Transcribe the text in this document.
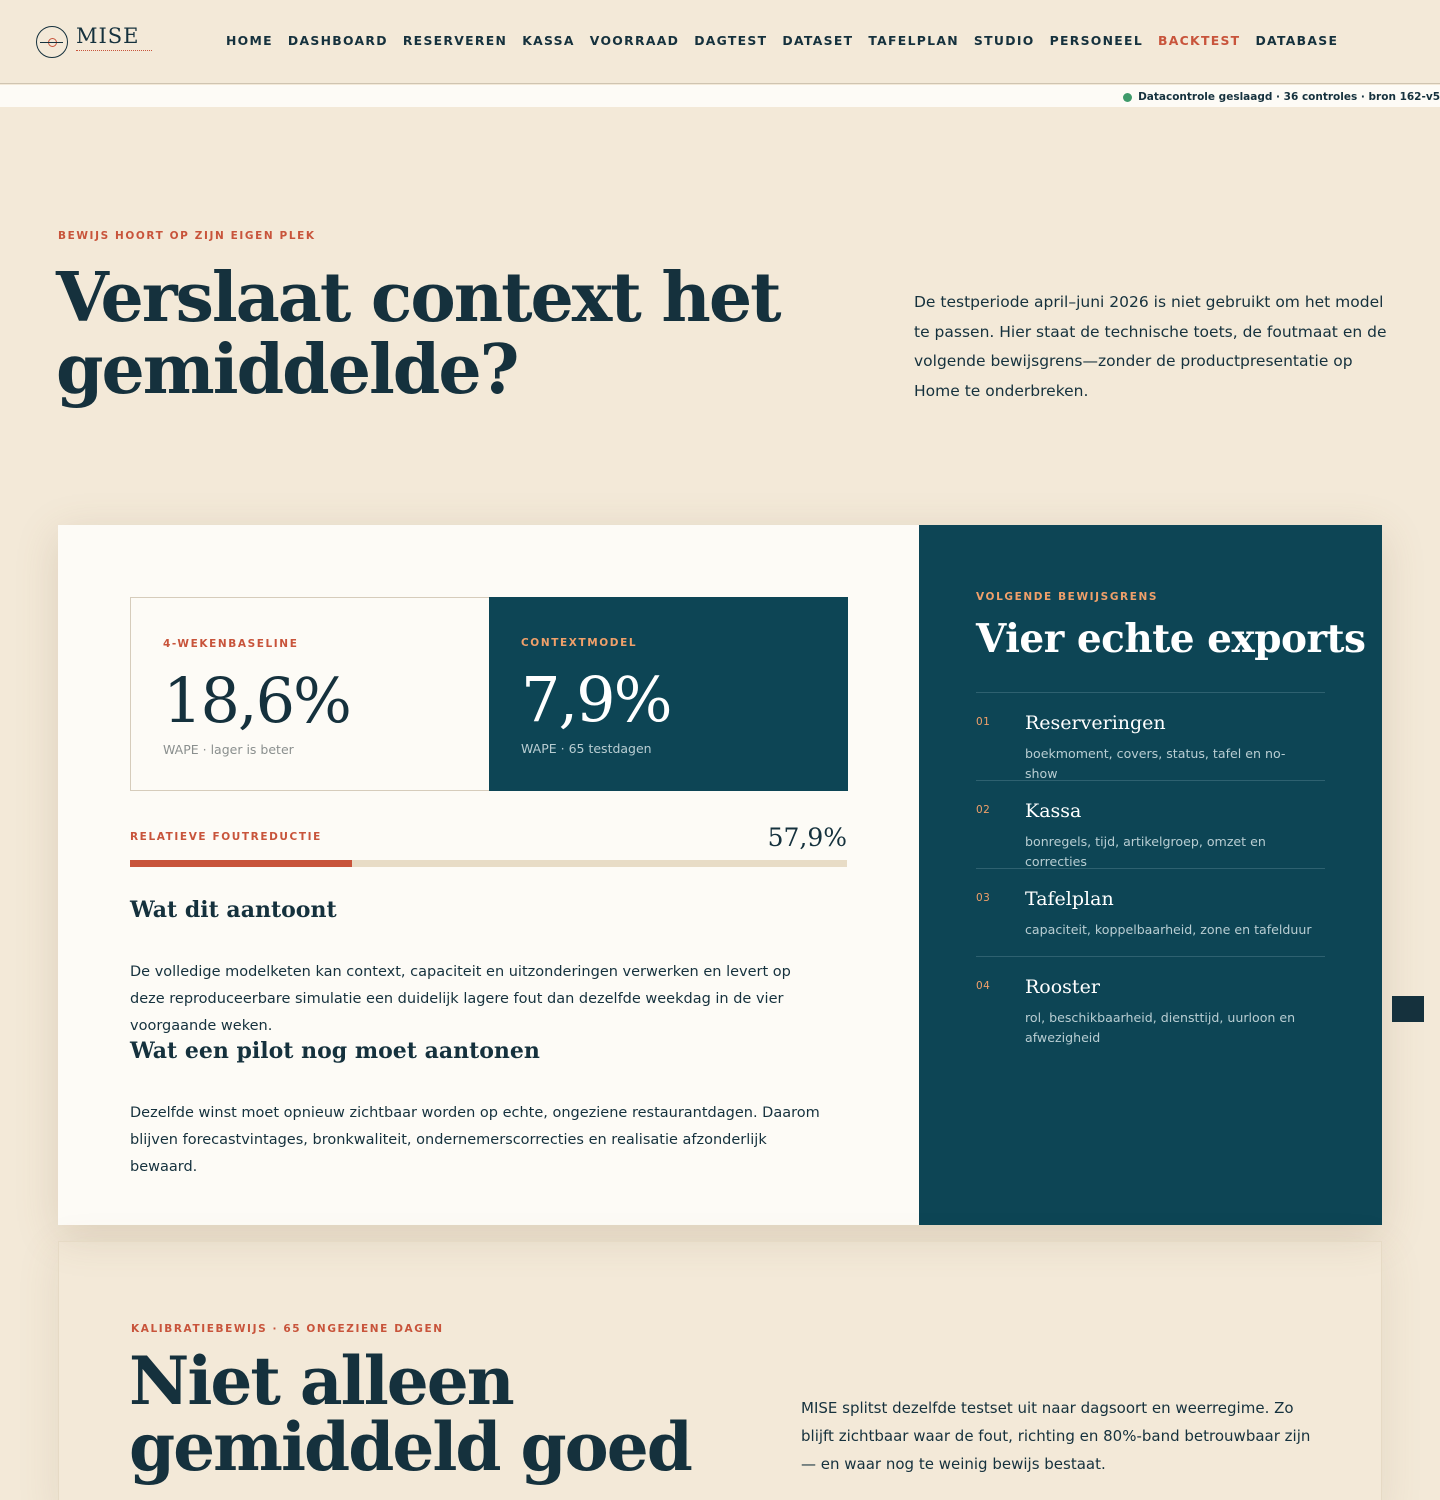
MISE	HOME DASHBOARD RESERVEREN KASSA VOORRAAD DAGTEST DATASET TAFELPLAN STUDIO PERSONEEL BACKTEST DATABASE
Datacontrole geslaagd · 36 controles · bron 162-v5
BEWIJS HOORT OP ZIJN EIGEN PLEK
Verslaat context het
gemiddelde?

De testperiode april–juni 2026 is niet gebruikt om het model te passen. Hier staat de technische toets, de foutmaat en de volgende bewijsgrens—zonder de productpresentatie op Home te onderbreken.

4-WEKENBASELINE
18,6%
WAPE · lager is beter
CONTEXTMODEL
7,9%
WAPE · 65 testdagen
RELATIEVE FOUTREDUCTIE	57,9%
Wat dit aantoont

De volledige modelketen kan context, capaciteit en uitzonderingen verwerken en levert op deze reproduceerbare simulatie een duidelijk lagere fout dan dezelfde weekdag in de vier voorgaande weken.

Wat een pilot nog moet aantonen

Dezelfde winst moet opnieuw zichtbaar worden op echte, ongeziene restaurantdagen. Daarom blijven forecastvintages, bronkwaliteit, ondernemerscorrecties en realisatie afzonderlijk bewaard.

VOLGENDE BEWIJSGRENS
Vier echte exports
01 Reserveringen
boekmoment, covers, status, tafel en no-show
02 Kassa
bonregels, tijd, artikelgroep, omzet en correcties
03 Tafelplan
capaciteit, koppelbaarheid, zone en tafelduur
04 Rooster
rol, beschikbaarheid, diensttijd, uurloon en afwezigheid
KALIBRATIEBEWIJS · 65 ONGEZIENE DAGEN
Niet alleen
gemiddeld goed	MISE splitst dezelfde testset uit naar dagsoort en weerregime. Zo blijft zichtbaar waar de fout, richting en 80%-band betrouwbaar zijn — en waar nog te weinig bewijs bestaat.
